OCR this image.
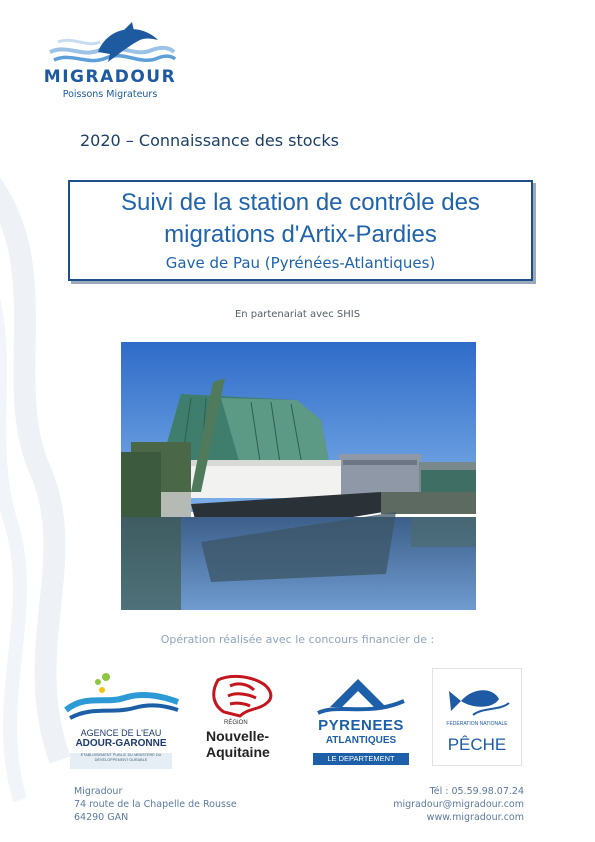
MIGRADOUR
Poissons Migrateurs
2020 – Connaissance des stocks
Suivi de la station de contrôle des
migrations d'Artix-Pardies
Gave de Pau (Pyrénées-Atlantiques)
En partenariat avec SHIS
Opération réalisée avec le concours financier de :
AGENCE DE L'EAU
ADOUR-GARONNE
ÉTABLISSEMENT PUBLIC DU MINISTÈRE DU DÉVELOPPEMENT DURABLE
RÉGION
Nouvelle-
Aquitaine
PYRENEES
ATLANTIQUES
LE DEPARTEMENT
FÉDÉRATION NATIONALE
PÊCHE
Migradour
74 route de la Chapelle de Rousse
64290 GAN
Tél : 05.59.98.07.24
migradour@migradour.com
www.migradour.com
